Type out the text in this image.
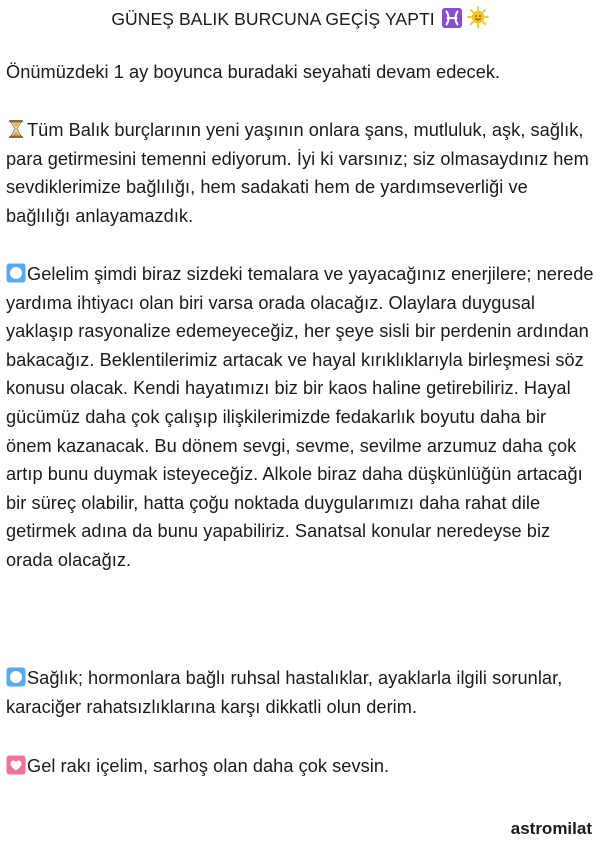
GÜNEŞ BALIK BURCUNA GEÇİŞ YAPTI

Önümüzdeki 1 ay boyunca buradaki seyahati devam edecek.

Tüm Balık burçlarının yeni yaşının onlara şans, mutluluk, aşk, sağlık, para getirmesini temenni ediyorum. İyi ki varsınız; siz olmasaydınız hem sevdiklerimize bağlılığı, hem sadakati hem de yardımseverliği ve bağlılığı anlayamazdık.

Gelelim şimdi biraz sizdeki temalara ve yayacağınız enerjilere; nerede yardıma ihtiyacı olan biri varsa orada olacağız. Olaylara duygusal yaklaşıp rasyonalize edemeyeceğiz, her şeye sisli bir perdenin ardından bakacağız. Beklentilerimiz artacak ve hayal kırıklıklarıyla birleşmesi söz konusu olacak. Kendi hayatımızı biz bir kaos haline getirebiliriz. Hayal gücümüz daha çok çalışıp ilişkilerimizde fedakarlık boyutu daha bir önem kazanacak. Bu dönem sevgi, sevme, sevilme arzumuz daha çok artıp bunu duymak isteyeceğiz. Alkole biraz daha düşkünlüğün artacağı bir süreç olabilir, hatta çoğu noktada duygularımızı daha rahat dile getirmek adına da bunu yapabiliriz. Sanatsal konular neredeyse biz orada olacağız.

Sağlık; hormonlara bağlı ruhsal hastalıklar, ayaklarla ilgili sorunlar, karaciğer rahatsızlıklarına karşı dikkatli olun derim.

Gel rakı içelim, sarhoş olan daha çok sevsin.

astromilat
